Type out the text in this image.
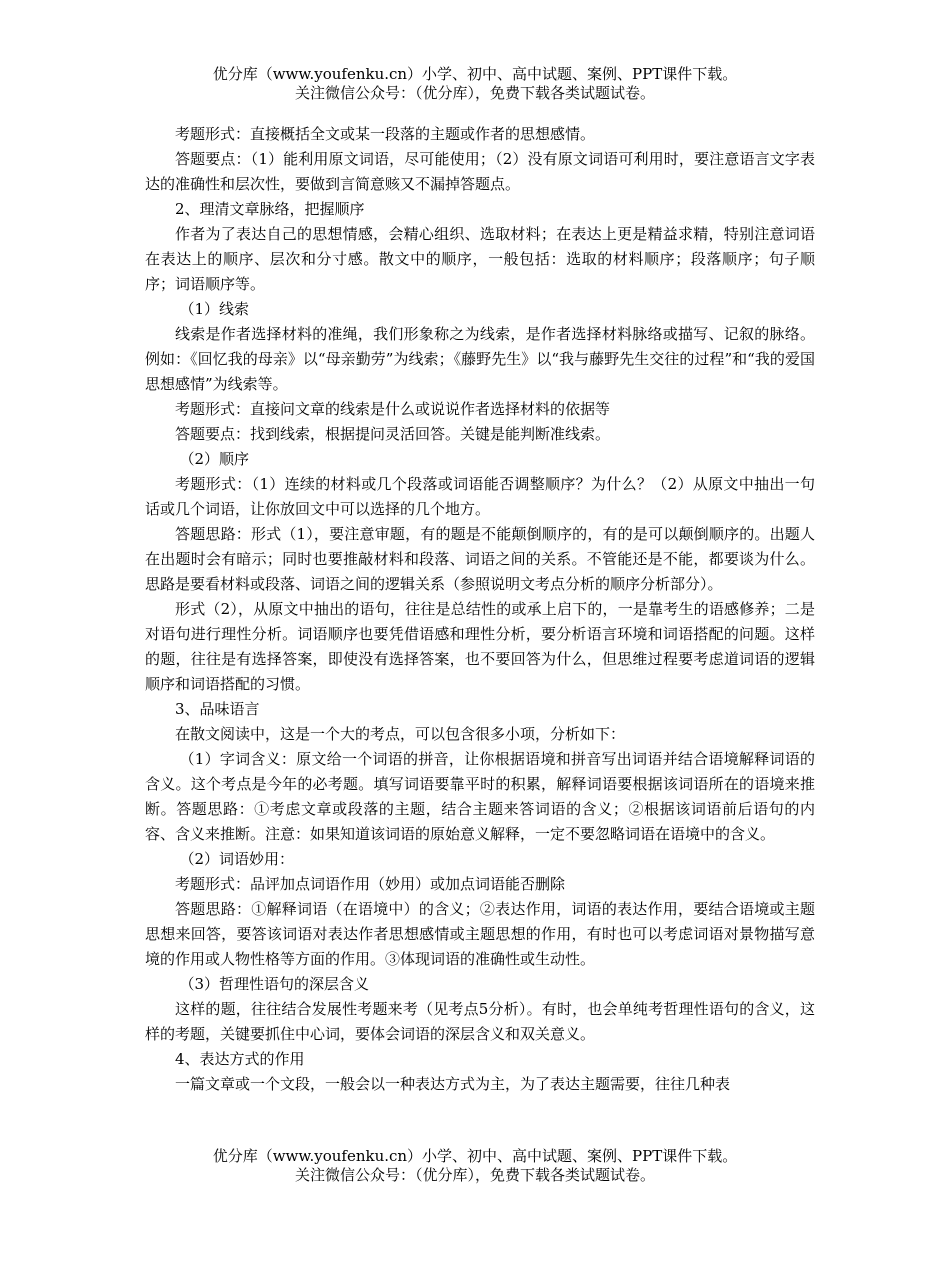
优分库（www.youfenku.cn）小学、初中、高中试题、案例、PPT课件下载。
关注微信公众号：（优分库），免费下载各类试题试卷。

考题形式：直接概括全文或某一段落的主题或作者的思想感情。

答题要点：（1）能利用原文词语，尽可能使用；（2）没有原文词语可利用时，要注意语言文字表达的准确性和层次性，要做到言简意赅又不漏掉答题点。

2、理清文章脉络，把握顺序

作者为了表达自己的思想情感，会精心组织、选取材料；在表达上更是精益求精，特别注意词语在表达上的顺序、层次和分寸感。散文中的顺序，一般包括：选取的材料顺序；段落顺序；句子顺序；词语顺序等。

（1）线索

线索是作者选择材料的准绳，我们形象称之为线索，是作者选择材料脉络或描写、记叙的脉络。例如：《回忆我的母亲》以“母亲勤劳”为线索；《藤野先生》以“我与藤野先生交往的过程”和“我的爱国思想感情”为线索等。

考题形式：直接问文章的线索是什么或说说作者选择材料的依据等

答题要点：找到线索，根据提问灵活回答。关键是能判断准线索。

（2）顺序

考题形式：（1）连续的材料或几个段落或词语能否调整顺序？为什么？（2）从原文中抽出一句话或几个词语，让你放回文中可以选择的几个地方。

答题思路：形式（1），要注意审题，有的题是不能颠倒顺序的，有的是可以颠倒顺序的。出题人在出题时会有暗示；同时也要推敲材料和段落、词语之间的关系。不管能还是不能，都要谈为什么。思路是要看材料或段落、词语之间的逻辑关系（参照说明文考点分析的顺序分析部分）。

形式（2），从原文中抽出的语句，往往是总结性的或承上启下的，一是靠考生的语感修养；二是对语句进行理性分析。词语顺序也要凭借语感和理性分析，要分析语言环境和词语搭配的问题。这样的题，往往是有选择答案，即使没有选择答案，也不要回答为什么，但思维过程要考虑道词语的逻辑顺序和词语搭配的习惯。

3、品味语言

在散文阅读中，这是一个大的考点，可以包含很多小项，分析如下：

（1）字词含义：原文给一个词语的拼音，让你根据语境和拼音写出词语并结合语境解释词语的含义。这个考点是今年的必考题。填写词语要靠平时的积累，解释词语要根据该词语所在的语境来推断。答题思路：①考虑文章或段落的主题，结合主题来答词语的含义；②根据该词语前后语句的内容、含义来推断。注意：如果知道该词语的原始意义解释，一定不要忽略词语在语境中的含义。

（2）词语妙用：

考题形式：品评加点词语作用（妙用）或加点词语能否删除

答题思路：①解释词语（在语境中）的含义；②表达作用，词语的表达作用，要结合语境或主题思想来回答，要答该词语对表达作者思想感情或主题思想的作用，有时也可以考虑词语对景物描写意境的作用或人物性格等方面的作用。③体现词语的准确性或生动性。

（3）哲理性语句的深层含义

这样的题，往往结合发展性考题来考（见考点5分析）。有时，也会单纯考哲理性语句的含义，这样的考题，关键要抓住中心词，要体会词语的深层含义和双关意义。

4、表达方式的作用

一篇文章或一个文段，一般会以一种表达方式为主，为了表达主题需要，往往几种表

优分库（www.youfenku.cn）小学、初中、高中试题、案例、PPT课件下载。
关注微信公众号：（优分库），免费下载各类试题试卷。
